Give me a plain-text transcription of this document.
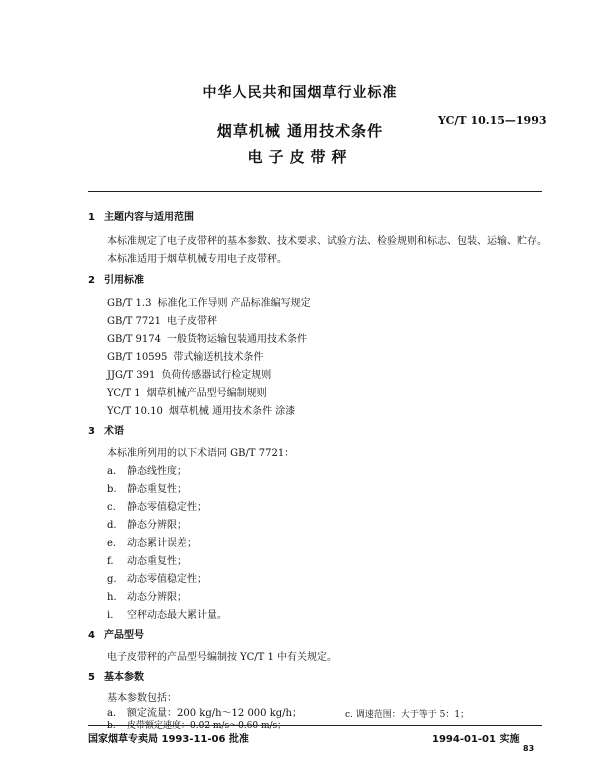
中华人民共和国烟草行业标准
YC/T 10.15—1993
烟草机械 通用技术条件
电子皮带秤
1 主题内容与适用范围
本标准规定了电子皮带秤的基本参数、技术要求、试验方法、检验规则和标志、包装、运输、贮存。
本标准适用于烟草机械专用电子皮带秤。
2 引用标准
GB/T 1.3 标准化工作导则 产品标准编写规定
GB/T 7721 电子皮带秤
GB/T 9174 一般货物运输包装通用技术条件
GB/T 10595 带式输送机技术条件
JJG/T 391 负荷传感器试行检定规则
YC/T 1 烟草机械产品型号编制规则
YC/T 10.10 烟草机械 通用技术条件 涂漆
3 术语
本标准所列用的以下术语同 GB/T 7721：
a. 静态线性度；
b. 静态重复性；
c. 静态零值稳定性；
d. 静态分辨限；
e. 动态累计误差；
f. 动态重复性；
g. 动态零值稳定性；
h. 动态分辨限；
i. 空秤动态最大累计量。
4 产品型号
电子皮带秤的产品型号编制按 YC/T 1 中有关规定。
5 基本参数
基本参数包括：
a. 额定流量：200 kg/h～12 000 kg/h；
b. 皮带额定速度：0.02 m/s～0.60 m/s；
国家烟草专卖局 1993-11-06 批准	1994-01-01 实施
83
c. 调速范围：大于等于 5：1；
